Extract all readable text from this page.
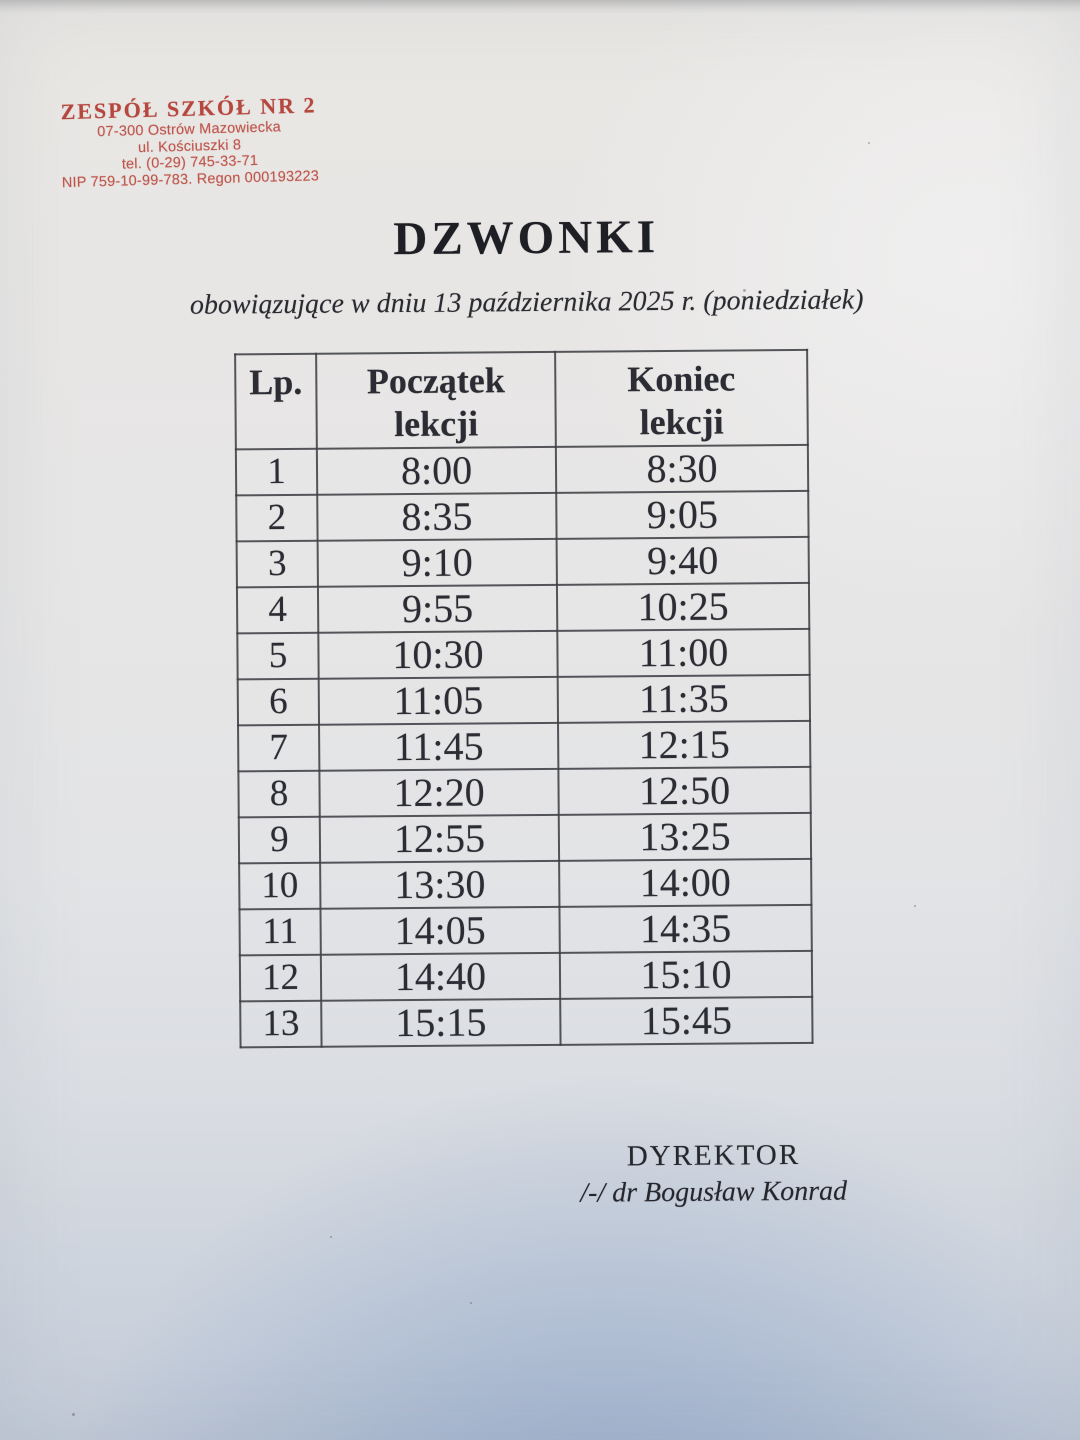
ZESPÓŁ SZKÓŁ NR 2
07-300 Ostrów Mazowiecka
ul. Kościuszki 8
tel. (0-29) 745-33-71
NIP 759-10-99-783. Regon 000193223
DZWONKI
obowiązujące w dniu 13 października 2025 r. (poniedziałek)
Lp.	Początek lekcji	Koniec lekcji

1	8:00	8:30
2	8:35	9:05
3	9:10	9:40
4	9:55	10:25
5	10:30	11:00
6	11:05	11:35
7	11:45	12:15
8	12:20	12:50
9	12:55	13:25
10	13:30	14:00
11	14:05	14:35
12	14:40	15:10
13	15:15	15:45
DYREKTOR
/-/ dr Bogusław Konrad
